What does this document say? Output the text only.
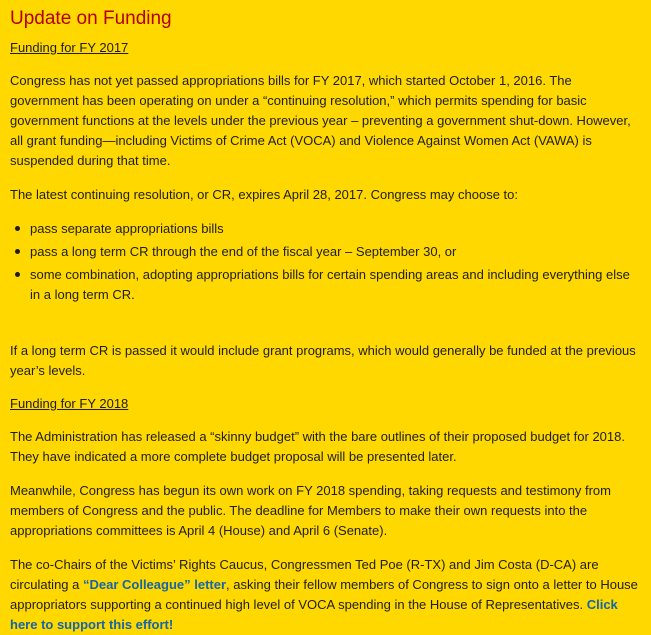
Update on Funding
Funding for FY 2017

Congress has not yet passed appropriations bills for FY 2017, which started October 1, 2016. The government has been operating on under a “continuing resolution,” which permits spending for basic government functions at the levels under the previous year – preventing a government shut-down. However, all grant funding—including Victims of Crime Act (VOCA) and Violence Against Women Act (VAWA) is suspended during that time.

The latest continuing resolution, or CR, expires April 28, 2017. Congress may choose to:

pass separate appropriations bills
pass a long term CR through the end of the fiscal year – September 30, or
some combination, adopting appropriations bills for certain spending areas and including everything else in a long term CR.

If a long term CR is passed it would include grant programs, which would generally be funded at the previous year’s levels.

Funding for FY 2018

The Administration has released a “skinny budget” with the bare outlines of their proposed budget for 2018. They have indicated a more complete budget proposal will be presented later.

Meanwhile, Congress has begun its own work on FY 2018 spending, taking requests and testimony from members of Congress and the public. The deadline for Members to make their own requests into the appropriations committees is April 4 (House) and April 6 (Senate).

The co-Chairs of the Victims’ Rights Caucus, Congressmen Ted Poe (R-TX) and Jim Costa (D-CA) are circulating a “Dear Colleague” letter, asking their fellow members of Congress to sign onto a letter to House appropriators supporting a continued high level of VOCA spending in the House of Representatives. Click here to support this effort!
